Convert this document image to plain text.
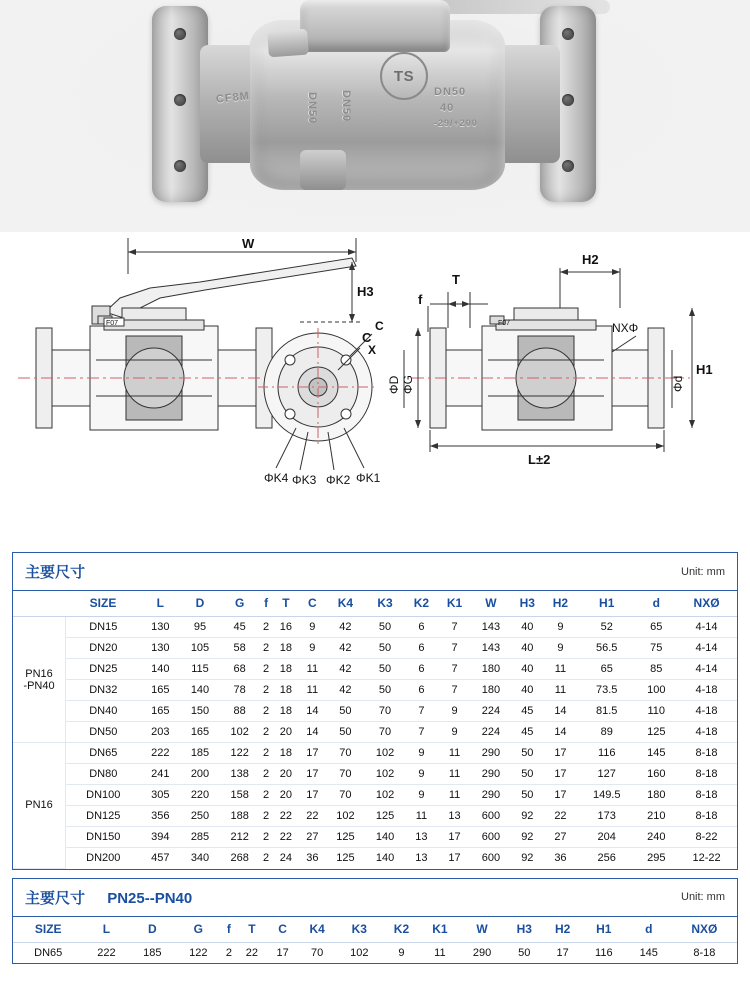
TS
CF8M	DN50 DN50	DN50
40
-29/+200
W
H3
T
f
H2
H1
C
C
X
L±2
ΦD ΦG	Φd
NXΦ
ΦK4 ΦK3 ΦK2 ΦK1
F07	F07
主要尺寸	Unit: mm
	SIZE	L	D	G	f	T	C	K4	K3	K2	K1	W	H3	H2	H1	d	NXØ
PN16
-PN40	DN15	130	95	45	2	16	9	42	50	6	7	143	40	9	52	65	4-14
	DN20	130	105	58	2	18	9	42	50	6	7	143	40	9	56.5	75	4-14
	DN25	140	115	68	2	18	11	42	50	6	7	180	40	11	65	85	4-14
	DN32	165	140	78	2	18	11	42	50	6	7	180	40	11	73.5	100	4-18
	DN40	165	150	88	2	18	14	50	70	7	9	224	45	14	81.5	110	4-18
	DN50	203	165	102	2	20	14	50	70	7	9	224	45	14	89	125	4-18
PN16	DN65	222	185	122	2	18	17	70	102	9	11	290	50	17	116	145	8-18
	DN80	241	200	138	2	20	17	70	102	9	11	290	50	17	127	160	8-18
	DN100	305	220	158	2	20	17	70	102	9	11	290	50	17	149.5	180	8-18
	DN125	356	250	188	2	22	22	102	125	11	13	600	92	22	173	210	8-18
	DN150	394	285	212	2	22	27	125	140	13	17	600	92	27	204	240	8-22
	DN200	457	340	268	2	24	36	125	140	13	17	600	92	36	256	295	12-22
主要尺寸 PN25--PN40	Unit: mm
SIZE	L	D	G	f	T	C	K4	K3	K2	K1	W	H3	H2	H1	d	NXØ
DN65	222	185	122	2	22	17	70	102	9	11	290	50	17	116	145	8-18
